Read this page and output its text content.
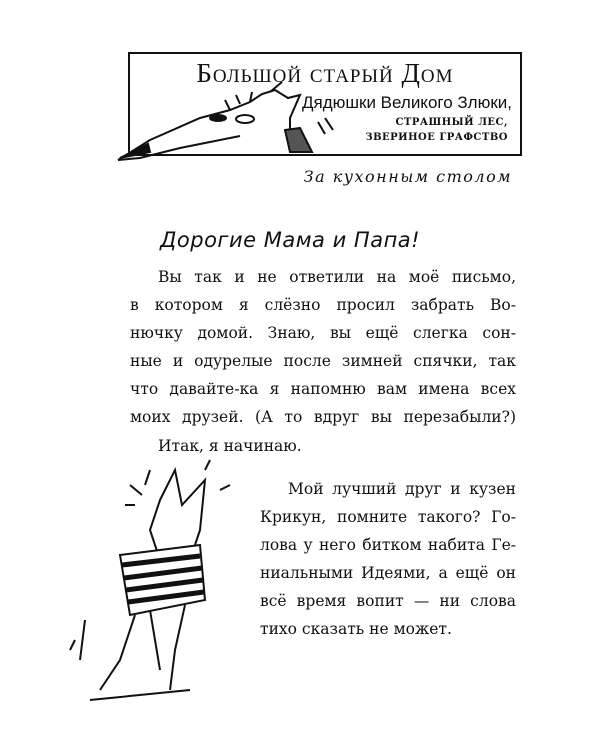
Большой старый Дом
Дядюшки Великого Злюки,
СТРАШНЫЙ ЛЕС,
ЗВЕРИНОЕ ГРАФСТВО
За кухонным столом
Дорогие Мама и Папа!
Вы так и не ответили на моё письмо,
в котором я слёзно просил забрать Во-
нючку домой. Знаю, вы ещё слегка сон-
ные и одурелые после зимней спячки, так
что давайте-ка я напомню вам имена всех
моих друзей. (А то вдруг вы перезабыли?)
Итак, я начинаю.
Мой лучший друг и кузен
Крикун, помните такого? Го-
лова у него битком набита Ге-
ниальными Идеями, а ещё он
всё время вопит — ни слова
тихо сказать не может.
